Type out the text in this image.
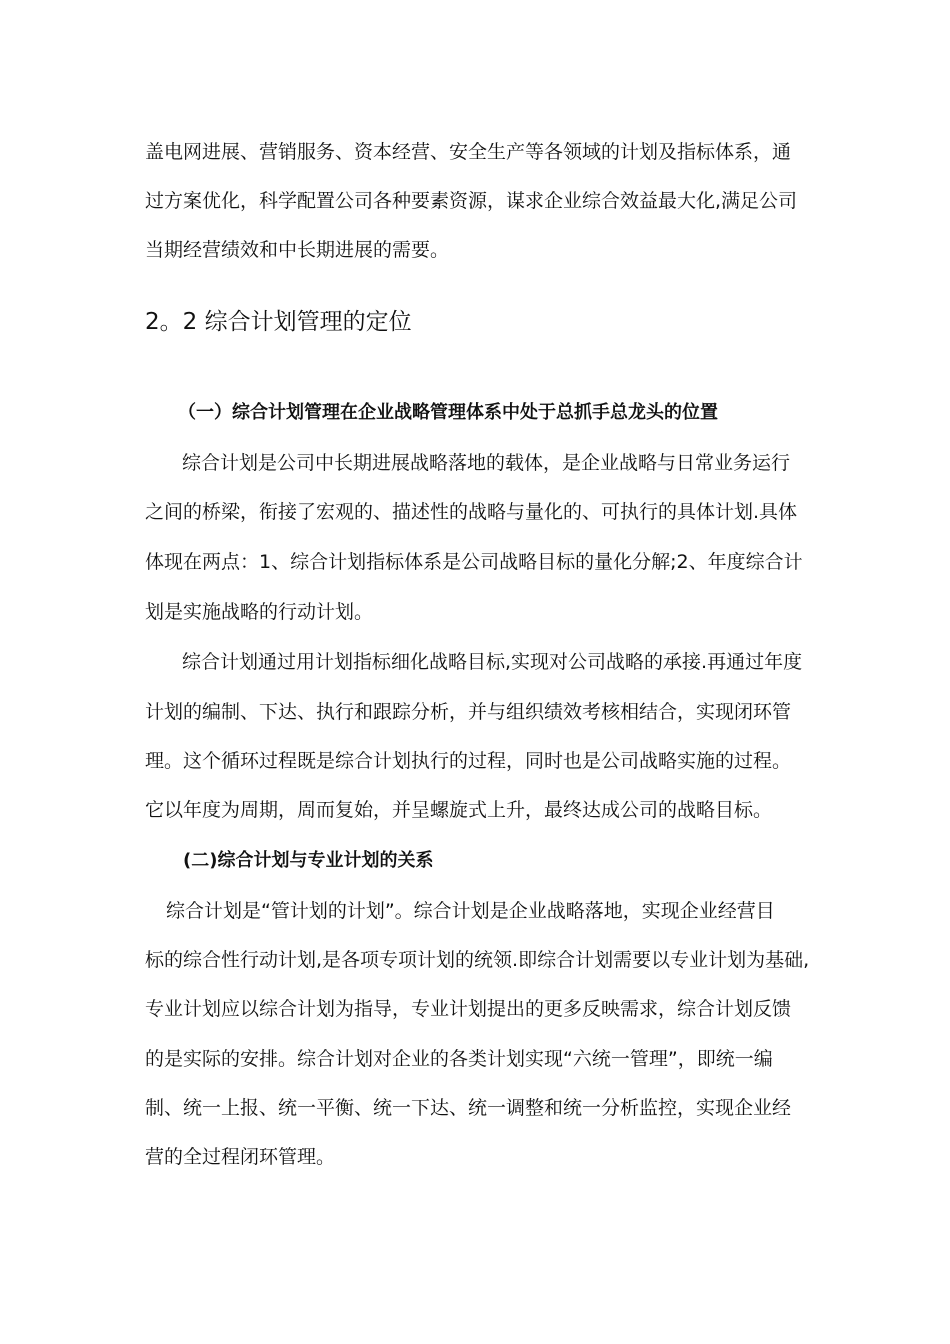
盖电网进展、营销服务、资本经营、安全生产等各领域的计划及指标体系，通
过方案优化，科学配置公司各种要素资源，谋求企业综合效益最大化,满足公司
当期经营绩效和中长期进展的需要。
2。2 综合计划管理的定位
（一）综合计划管理在企业战略管理体系中处于总抓手总龙头的位置
综合计划是公司中长期进展战略落地的载体，是企业战略与日常业务运行
之间的桥梁，衔接了宏观的、描述性的战略与量化的、可执行的具体计划.具体
体现在两点：1、综合计划指标体系是公司战略目标的量化分解;2、年度综合计
划是实施战略的行动计划。
综合计划通过用计划指标细化战略目标,实现对公司战略的承接.再通过年度
计划的编制、下达、执行和跟踪分析，并与组织绩效考核相结合，实现闭环管
理。这个循环过程既是综合计划执行的过程，同时也是公司战略实施的过程。
它以年度为周期，周而复始，并呈螺旋式上升，最终达成公司的战略目标。
(二)综合计划与专业计划的关系
综合计划是“管计划的计划”。综合计划是企业战略落地，实现企业经营目
标的综合性行动计划,是各项专项计划的统领.即综合计划需要以专业计划为基础,
专业计划应以综合计划为指导，专业计划提出的更多反映需求，综合计划反馈
的是实际的安排。综合计划对企业的各类计划实现“六统一管理”，即统一编
制、统一上报、统一平衡、统一下达、统一调整和统一分析监控，实现企业经
营的全过程闭环管理。
